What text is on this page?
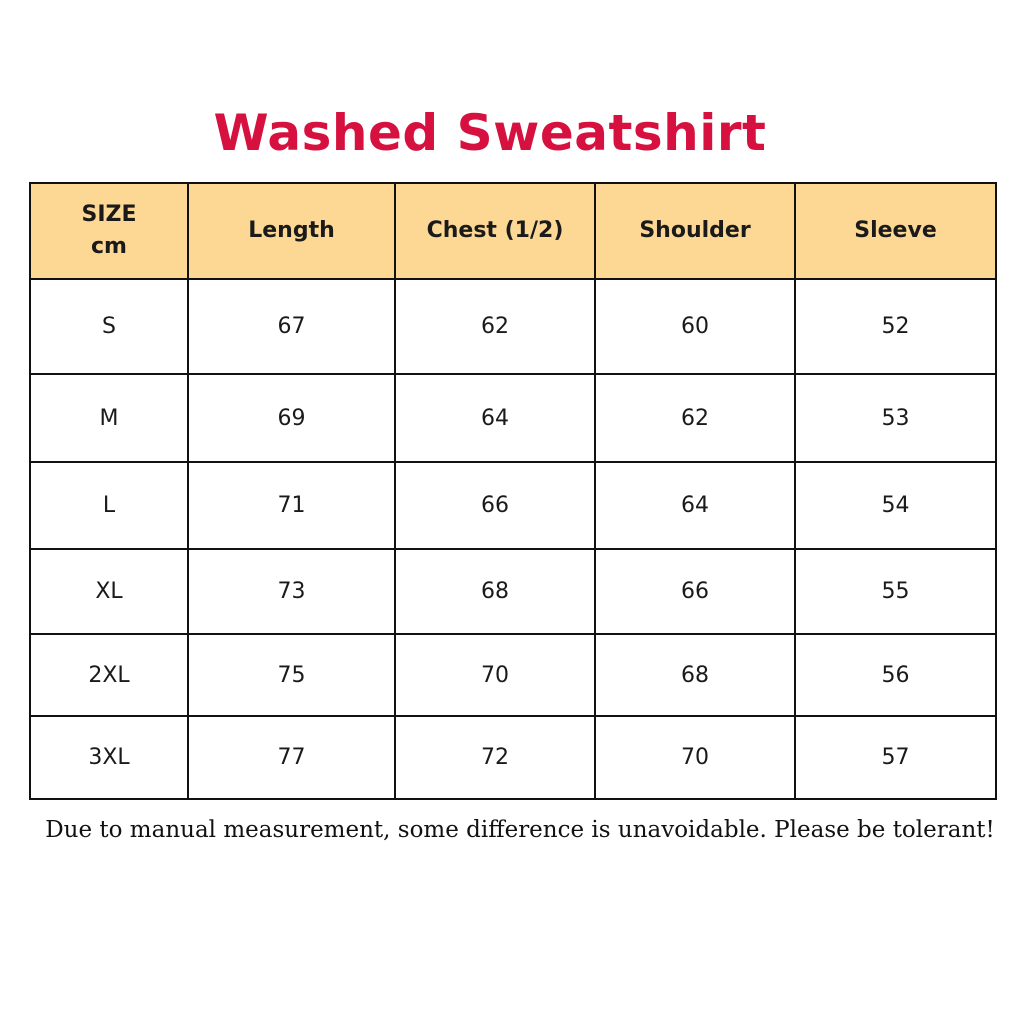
Washed Sweatshirt
SIZE
cm	Length	Chest (1/2)	Shoulder	Sleeve
S	67	62	60	52
M	69	64	62	53
L	71	66	64	54
XL	73	68	66	55
2XL	75	70	68	56
3XL	77	72	70	57
Due to manual measurement, some difference is unavoidable. Please be tolerant!
